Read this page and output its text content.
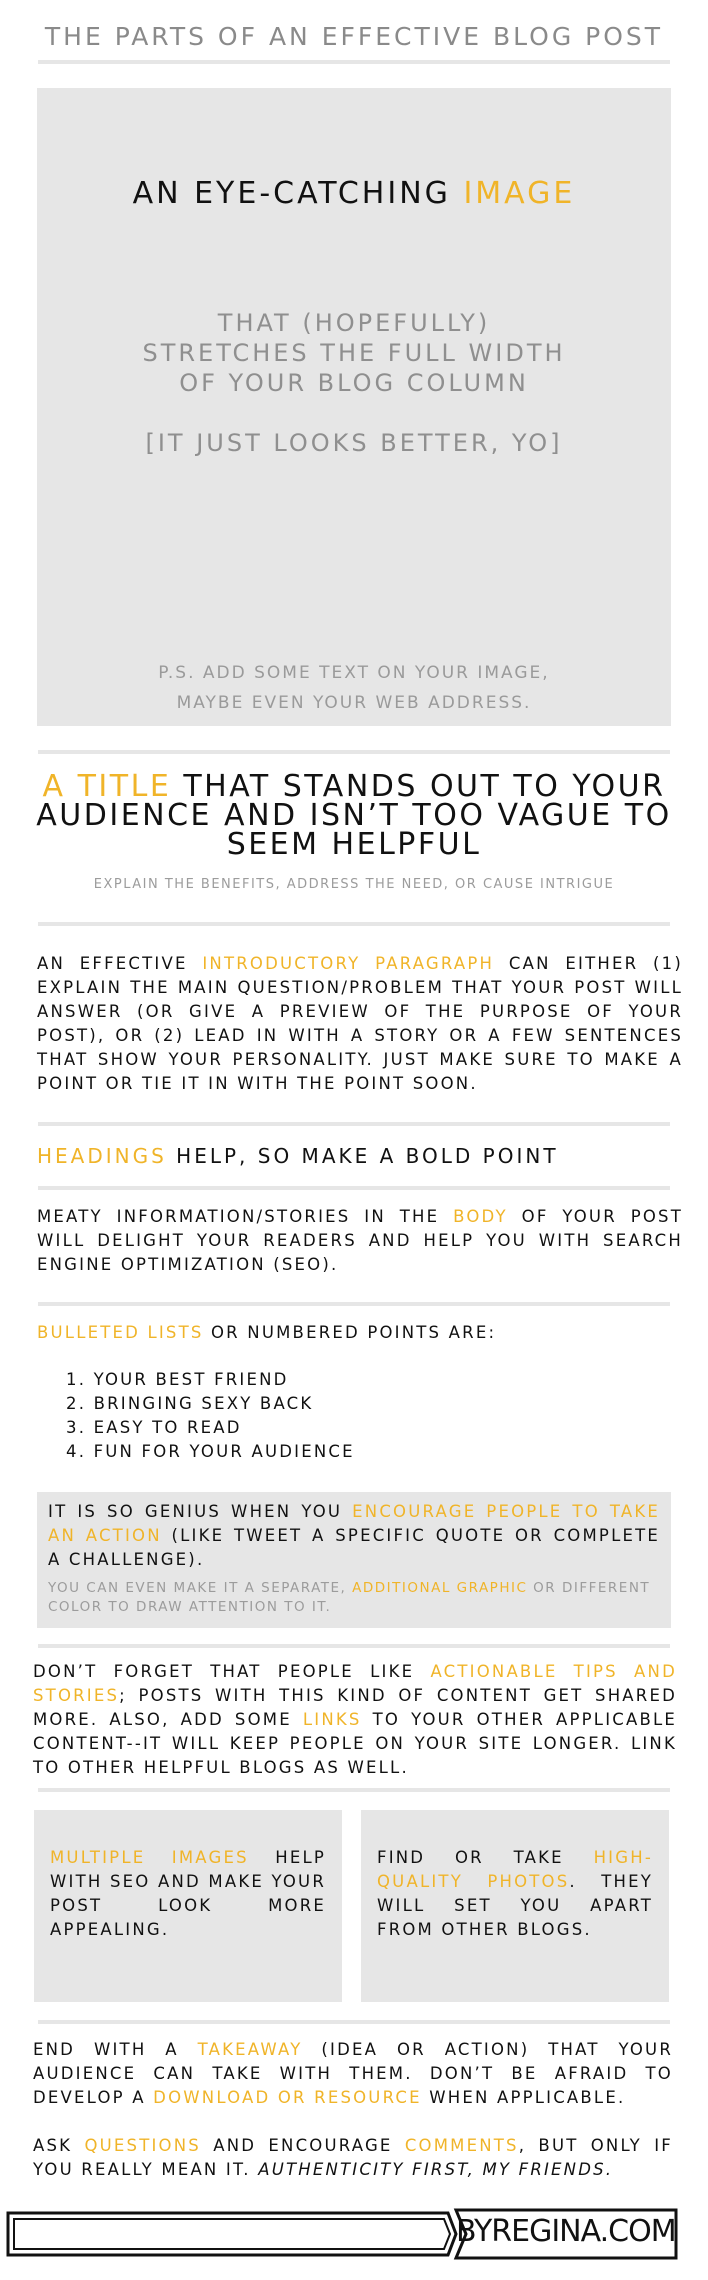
THE PARTS OF AN EFFECTIVE BLOG POST
AN EYE-CATCHING IMAGE
THAT (HOPEFULLY)
STRETCHES THE FULL WIDTH
OF YOUR BLOG COLUMN
[IT JUST LOOKS BETTER, YO]
P.S. ADD SOME TEXT ON YOUR IMAGE,
MAYBE EVEN YOUR WEB ADDRESS.
A TITLE THAT STANDS OUT TO YOUR AUDIENCE AND ISN’T TOO VAGUE TO SEEM HELPFUL
EXPLAIN THE BENEFITS, ADDRESS THE NEED, OR CAUSE INTRIGUE
AN EFFECTIVE INTRODUCTORY PARAGRAPH CAN EITHER (1) EXPLAIN THE MAIN QUESTION/PROBLEM THAT YOUR POST WILL ANSWER (OR GIVE A PREVIEW OF THE PURPOSE OF YOUR POST), OR (2) LEAD IN WITH A STORY OR A FEW SENTENCES THAT SHOW YOUR PERSONALITY. JUST MAKE SURE TO MAKE A POINT OR TIE IT IN WITH THE POINT SOON.
HEADINGS HELP, SO MAKE A BOLD POINT
MEATY INFORMATION/STORIES IN THE BODY OF YOUR POST WILL DELIGHT YOUR READERS AND HELP YOU WITH SEARCH ENGINE OPTIMIZATION (SEO).
BULLETED LISTS OR NUMBERED POINTS ARE:
1. YOUR BEST FRIEND
2. BRINGING SEXY BACK
3. EASY TO READ
4. FUN FOR YOUR AUDIENCE
IT IS SO GENIUS WHEN YOU ENCOURAGE PEOPLE TO TAKE AN ACTION (LIKE TWEET A SPECIFIC QUOTE OR COMPLETE A CHALLENGE).
YOU CAN EVEN MAKE IT A SEPARATE, ADDITIONAL GRAPHIC OR DIFFERENT COLOR TO DRAW ATTENTION TO IT.
DON’T FORGET THAT PEOPLE LIKE ACTIONABLE TIPS AND STORIES; POSTS WITH THIS KIND OF CONTENT GET SHARED MORE. ALSO, ADD SOME LINKS TO YOUR OTHER APPLICABLE CONTENT--IT WILL KEEP PEOPLE ON YOUR SITE LONGER. LINK TO OTHER HELPFUL BLOGS AS WELL.
MULTIPLE IMAGES HELP WITH SEO AND MAKE YOUR POST LOOK MORE APPEALING.
FIND OR TAKE HIGH-QUALITY PHOTOS. THEY WILL SET YOU APART FROM OTHER BLOGS.
END WITH A TAKEAWAY (IDEA OR ACTION) THAT YOUR AUDIENCE CAN TAKE WITH THEM. DON’T BE AFRAID TO DEVELOP A DOWNLOAD OR RESOURCE WHEN APPLICABLE.
ASK QUESTIONS AND ENCOURAGE COMMENTS, BUT ONLY IF YOU REALLY MEAN IT. AUTHENTICITY FIRST, MY FRIENDS.
BYREGINA.COM
